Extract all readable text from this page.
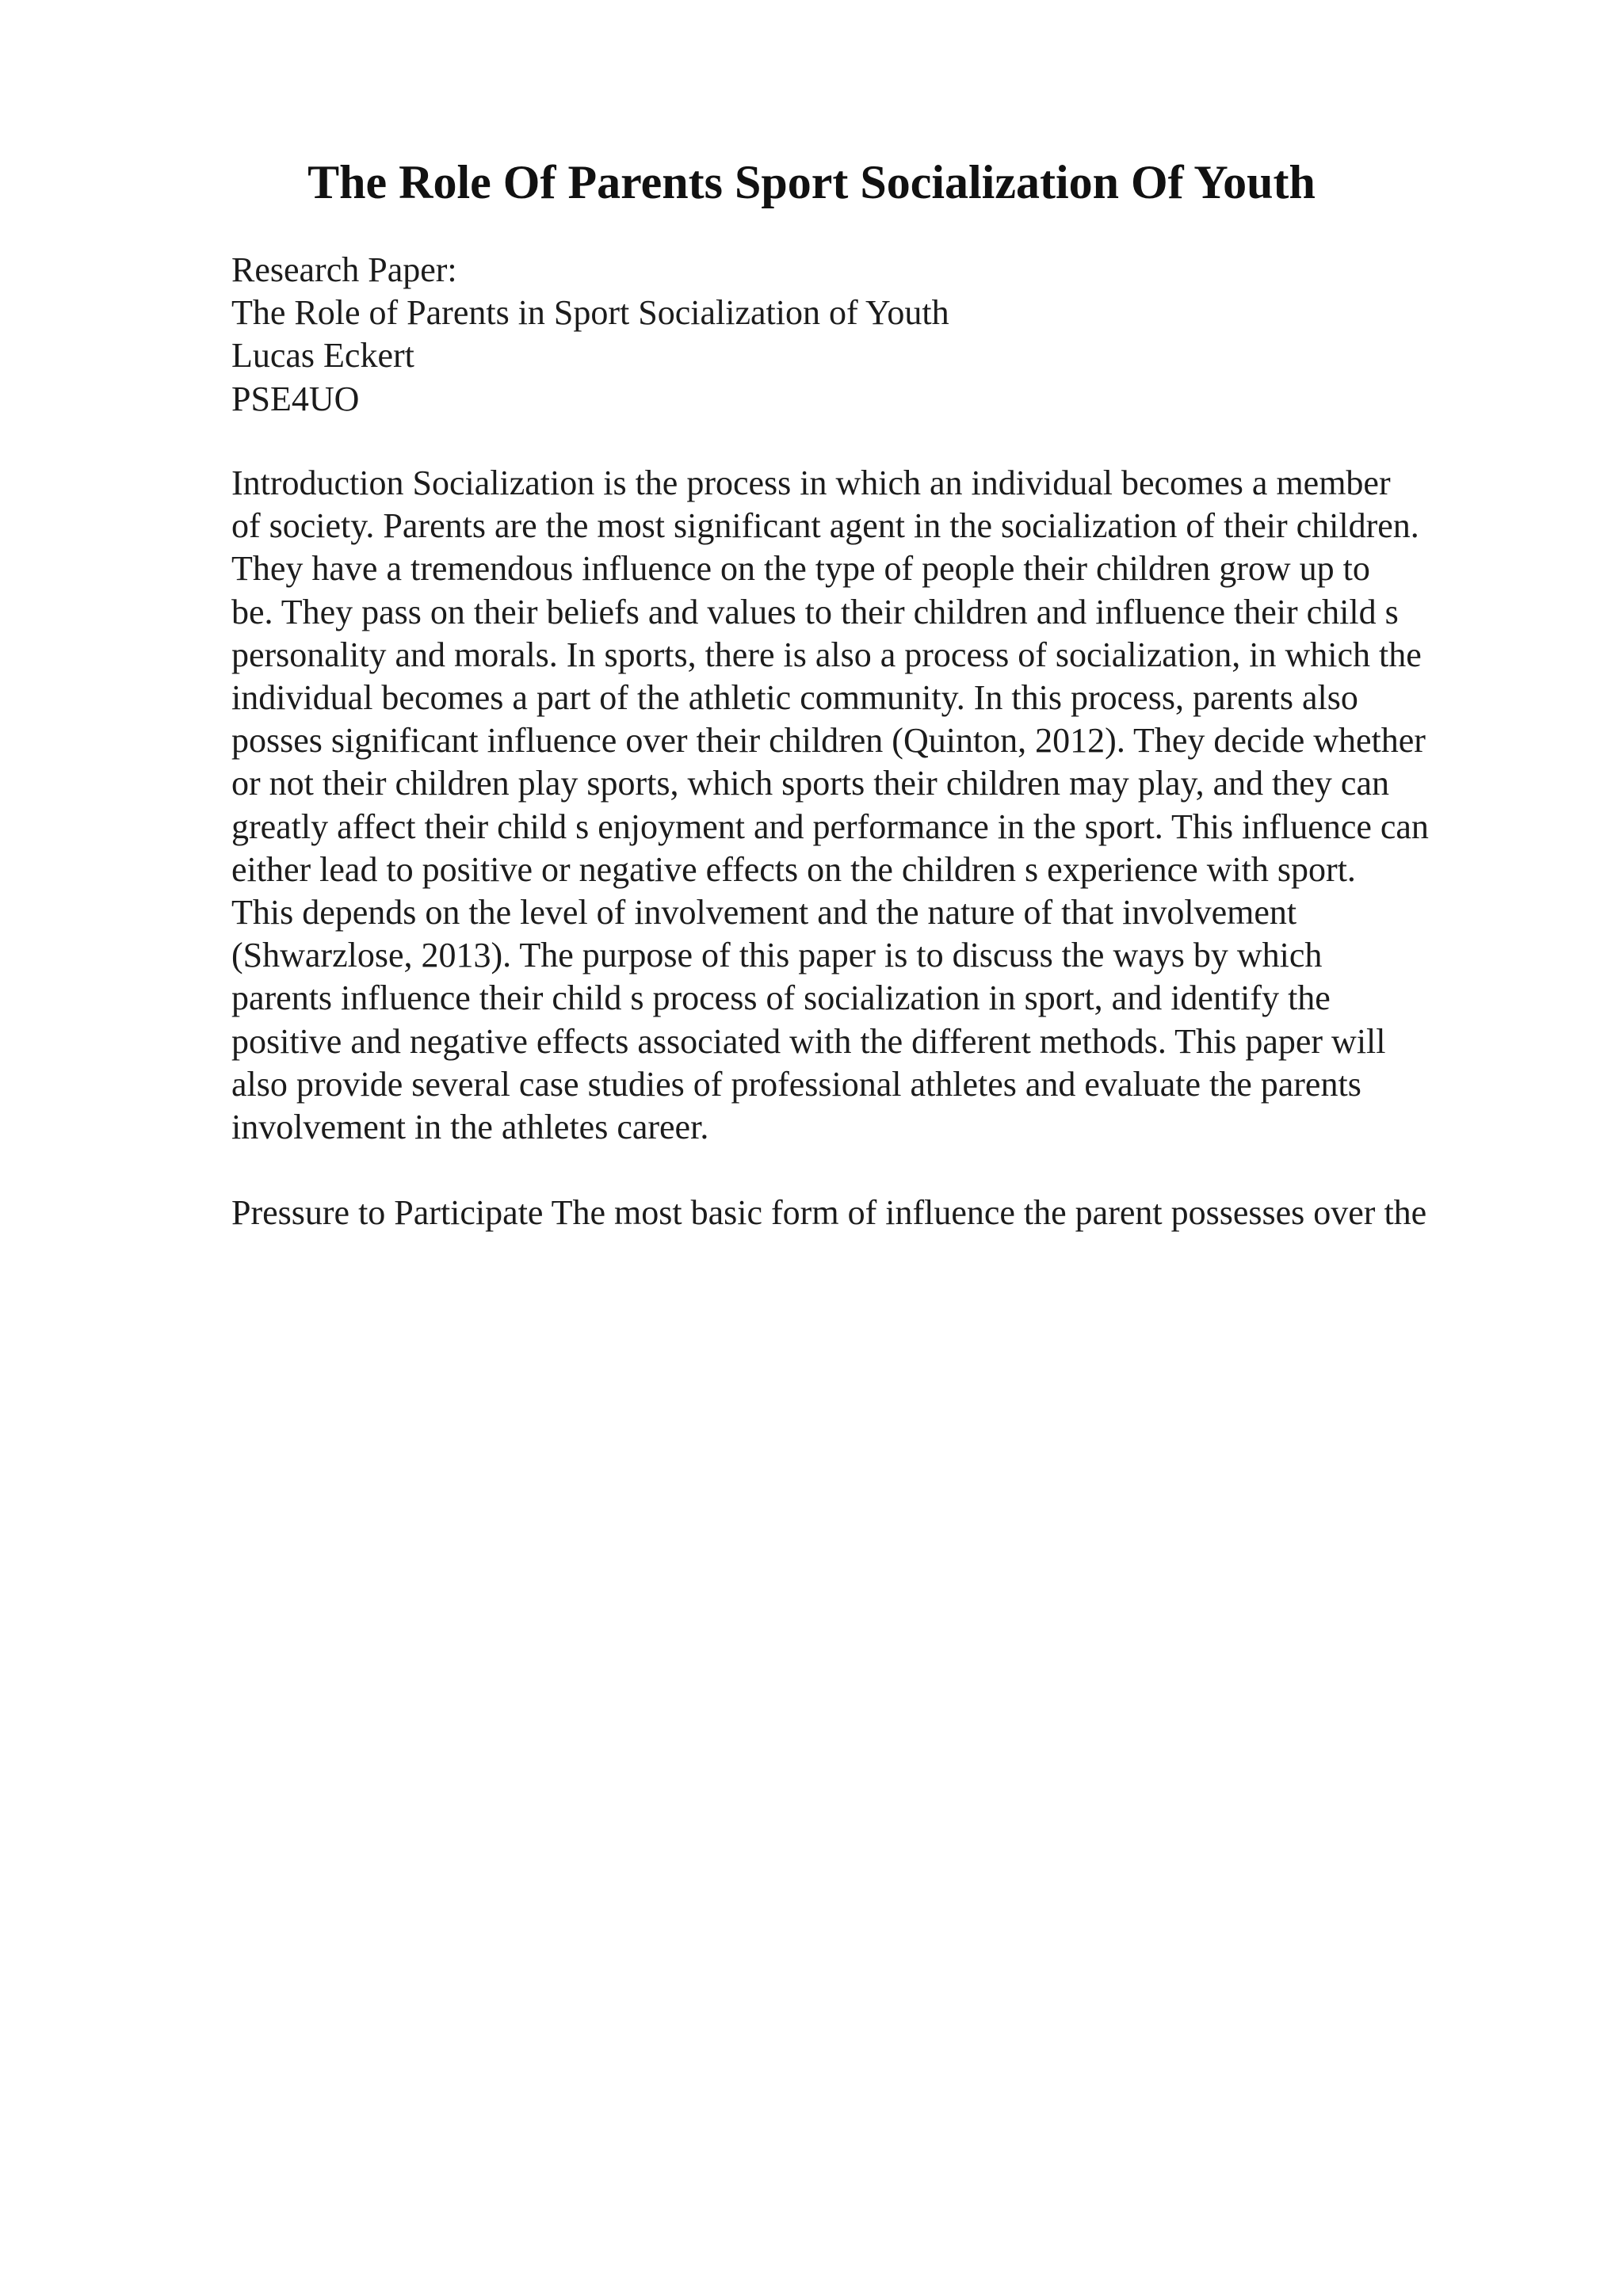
The Role Of Parents Sport Socialization Of Youth
Research Paper:
The Role of Parents in Sport Socialization of Youth
Lucas Eckert
PSE4UO
Introduction Socialization is the process in which an individual becomes a member
of society. Parents are the most significant agent in the socialization of their children.
They have a tremendous influence on the type of people their children grow up to
be. They pass on their beliefs and values to their children and influence their child s
personality and morals. In sports, there is also a process of socialization, in which the
individual becomes a part of the athletic community. In this process, parents also
posses significant influence over their children (Quinton, 2012). They decide whether
or not their children play sports, which sports their children may play, and they can
greatly affect their child s enjoyment and performance in the sport. This influence can
either lead to positive or negative effects on the children s experience with sport.
This depends on the level of involvement and the nature of that involvement
(Shwarzlose, 2013). The purpose of this paper is to discuss the ways by which
parents influence their child s process of socialization in sport, and identify the
positive and negative effects associated with the different methods. This paper will
also provide several case studies of professional athletes and evaluate the parents
involvement in the athletes career.
Pressure to Participate The most basic form of influence the parent possesses over the
